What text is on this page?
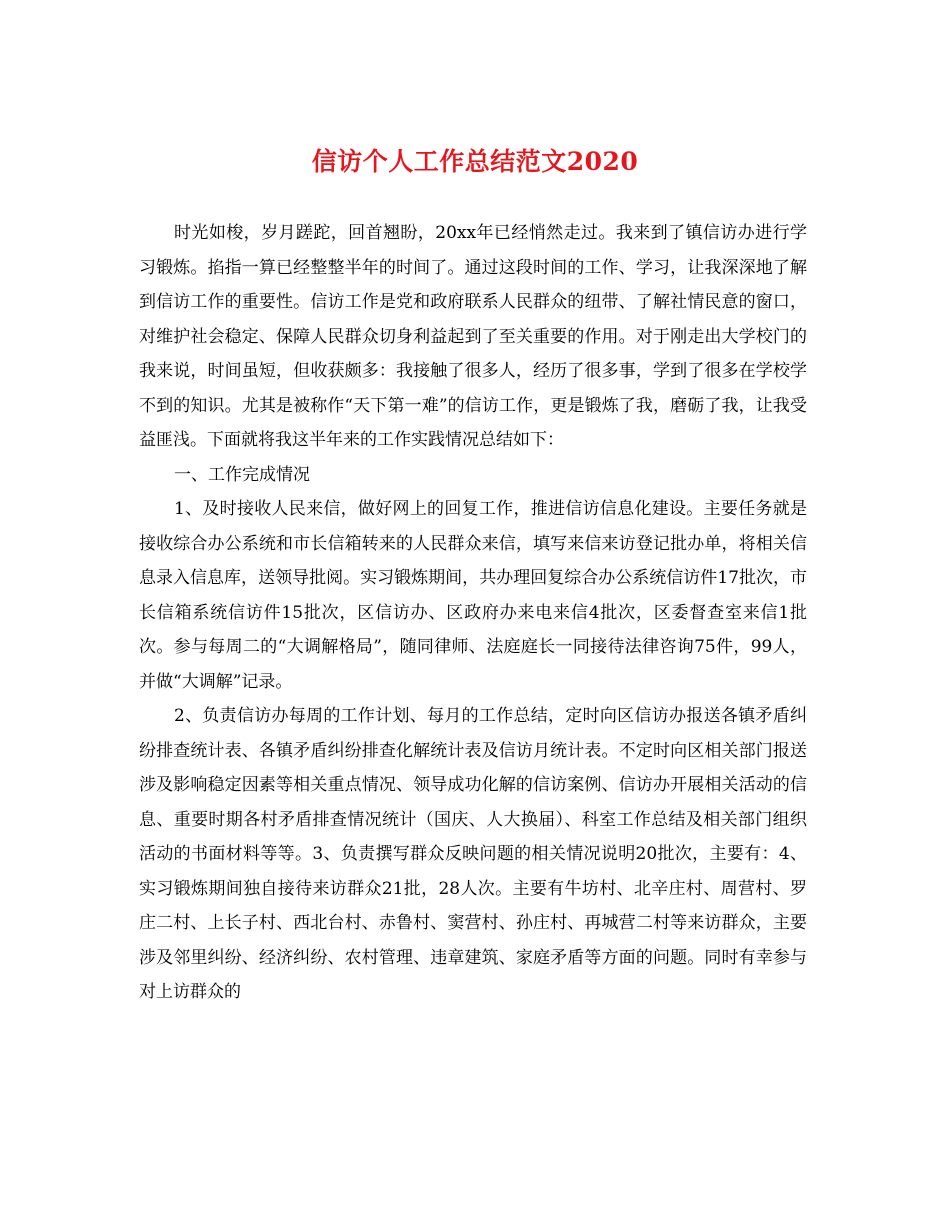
信访个人工作总结范文2020

时光如梭，岁月蹉跎，回首翘盼，20xx年已经悄然走过。我来到了镇信访办进行学习锻炼。掐指一算已经整整半年的时间了。通过这段时间的工作、学习，让我深深地了解到信访工作的重要性。信访工作是党和政府联系人民群众的纽带、了解社情民意的窗口，对维护社会稳定、保障人民群众切身利益起到了至关重要的作用。对于刚走出大学校门的我来说，时间虽短，但收获颇多：我接触了很多人，经历了很多事，学到了很多在学校学不到的知识。尤其是被称作“天下第一难”的信访工作，更是锻炼了我，磨砺了我，让我受益匪浅。下面就将我这半年来的工作实践情况总结如下：

一、工作完成情况

1、及时接收人民来信，做好网上的回复工作，推进信访信息化建设。主要任务就是接收综合办公系统和市长信箱转来的人民群众来信，填写来信来访登记批办单，将相关信息录入信息库，送领导批阅。实习锻炼期间，共办理回复综合办公系统信访件17批次，市长信箱系统信访件15批次，区信访办、区政府办来电来信4批次，区委督查室来信1批次。参与每周二的“大调解格局”，随同律师、法庭庭长一同接待法律咨询75件，99人，并做“大调解”记录。

2、负责信访办每周的工作计划、每月的工作总结，定时向区信访办报送各镇矛盾纠纷排查统计表、各镇矛盾纠纷排查化解统计表及信访月统计表。不定时向区相关部门报送涉及影响稳定因素等相关重点情况、领导成功化解的信访案例、信访办开展相关活动的信息、重要时期各村矛盾排查情况统计（国庆、人大换届）、科室工作总结及相关部门组织活动的书面材料等等。3、负责撰写群众反映问题的相关情况说明20批次，主要有：4、实习锻炼期间独自接待来访群众21批，28人次。主要有牛坊村、北辛庄村、周营村、罗庄二村、上长子村、西北台村、赤鲁村、窦营村、孙庄村、再城营二村等来访群众，主要涉及邻里纠纷、经济纠纷、农村管理、违章建筑、家庭矛盾等方面的问题。同时有幸参与对上访群众的
